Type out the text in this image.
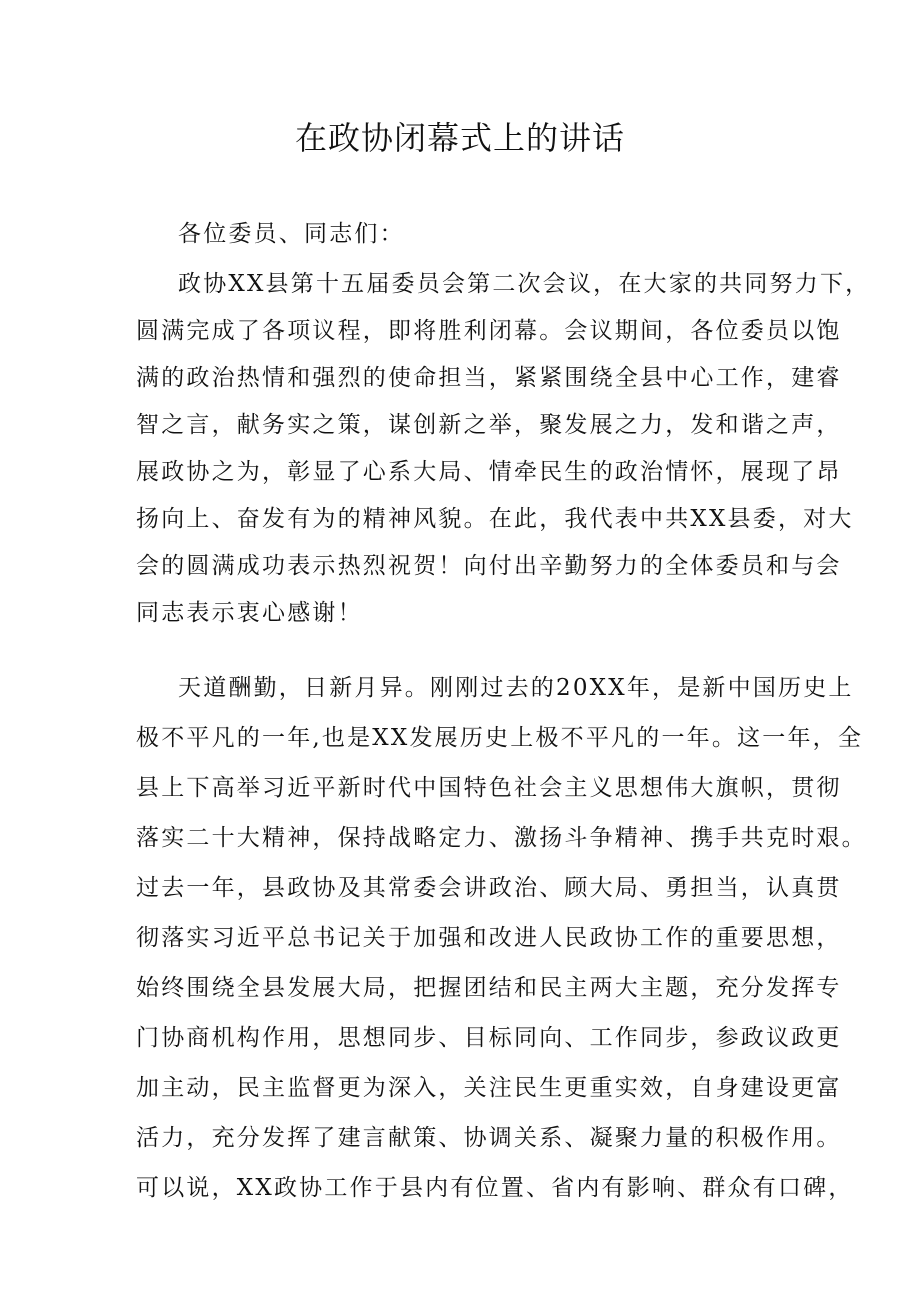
在政协闭幕式上的讲话
各位委员、同志们：
政协XX县第十五届委员会第二次会议，在大家的共同努力下，
圆满完成了各项议程，即将胜利闭幕。会议期间，各位委员以饱
满的政治热情和强烈的使命担当，紧紧围绕全县中心工作，建睿
智之言，献务实之策，谋创新之举，聚发展之力，发和谐之声，
展政协之为，彰显了心系大局、情牵民生的政治情怀，展现了昂
扬向上、奋发有为的精神风貌。在此，我代表中共XX县委，对大
会的圆满成功表示热烈祝贺！向付出辛勤努力的全体委员和与会
同志表示衷心感谢！
天道酬勤，日新月异。刚刚过去的20XX年，是新中国历史上
极不平凡的一年,也是XX发展历史上极不平凡的一年。这一年，全
县上下高举习近平新时代中国特色社会主义思想伟大旗帜，贯彻
落实二十大精神，保持战略定力、激扬斗争精神、携手共克时艰。
过去一年，县政协及其常委会讲政治、顾大局、勇担当，认真贯
彻落实习近平总书记关于加强和改进人民政协工作的重要思想，
始终围绕全县发展大局，把握团结和民主两大主题，充分发挥专
门协商机构作用，思想同步、目标同向、工作同步，参政议政更
加主动，民主监督更为深入，关注民生更重实效，自身建设更富
活力，充分发挥了建言献策、协调关系、凝聚力量的积极作用。
可以说，XX政协工作于县内有位置、省内有影响、群众有口碑，
